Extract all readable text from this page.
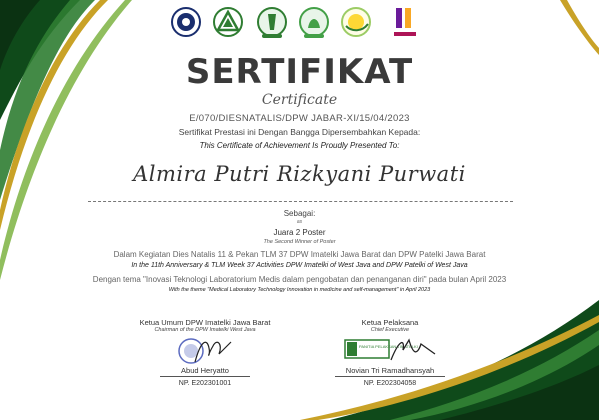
SERTIFIKAT
Certificate
E/070/DIESNATALIS/DPW JABAR-XI/15/04/2023
Sertifikat Prestasi ini Dengan Bangga Dipersembahkan Kepada:
This Certificate of Achievement Is Proudly Presented To:
Almira Putri Rizkyani Purwati
Sebagai:
as
Juara 2 Poster
The Second Winner of Poster
Dalam Kegiatan Dies Natalis 11 & Pekan TLM 37 DPW Imatelki Jawa Barat dan DPW Patelki Jawa Barat
In the 11th Anniversary & TLM Week 37 Activities DPW Imatelki of West Java and DPW Patelki of West Java
Dengan tema "Inovasi Teknologi Laboratorium Medis dalam pengobatan dan penanganan diri" pada bulan April 2023
With the theme "Medical Laboratory Technology Innovation in medicine and self-management" in April 2023
Ketua Umum DPW Imatelki Jawa Barat
Chairman of the DPW Imatelki West Java
Abud Heryatto
NP. E202301001
Ketua Pelaksana
Chief Executive
PANITIA PELAKSANA IMATELKI
Novian Tri Ramadhansyah
NP. E202304058
